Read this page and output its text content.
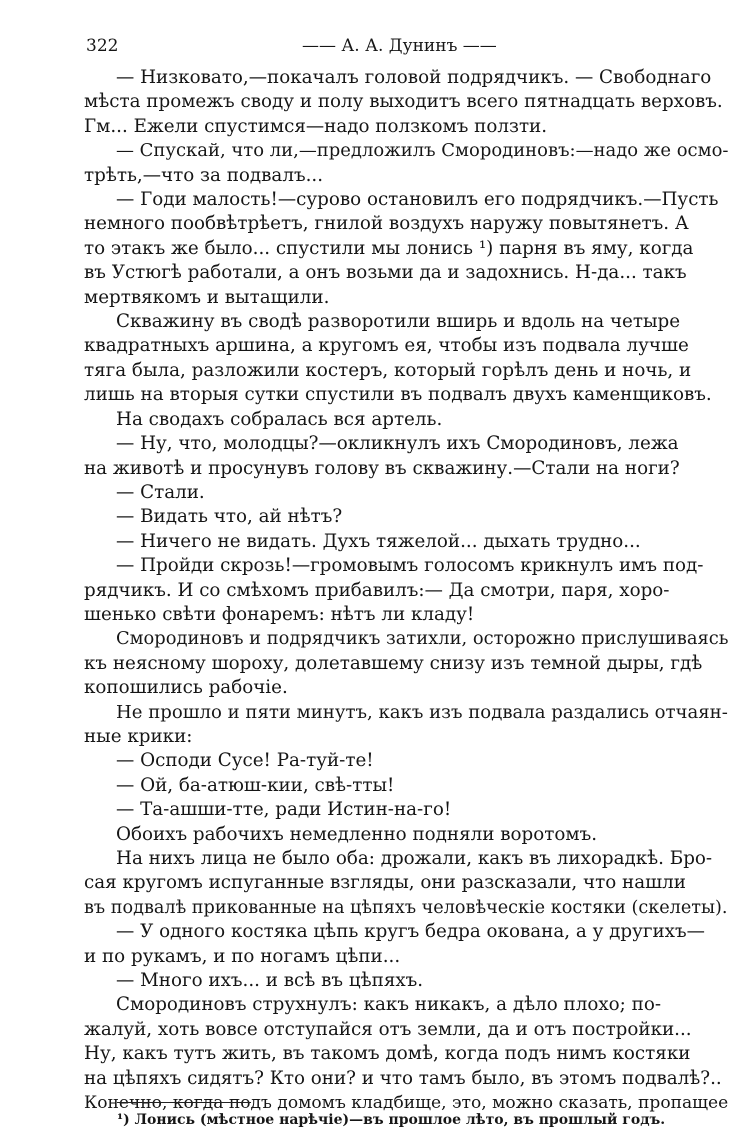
322	—— А. А. Дунинъ ——
— Низковато,—покачалъ головой подрядчикъ. — Свободнаго
мѣста промежъ своду и полу выходитъ всего пятнадцать верховъ.
Гм... Ежели спустимся—надо ползкомъ ползти.
— Спускай, что ли,—предложилъ Смородиновъ:—надо же осмо-
трѣть,—что за подвалъ...
— Годи малость!—сурово остановилъ его подрядчикъ.—Пусть
немного пообвѣтрѣетъ, гнилой воздухъ наружу повытянетъ. А
то этакъ же было... спустили мы лонись ¹) парня въ яму, когда
въ Устюгѣ работали, а онъ возьми да и задохнись. Н-да... такъ
мертвякомъ и вытащили.
Скважину въ сводѣ разворотили вширь и вдоль на четыре
квадратныхъ аршина, а кругомъ ея, чтобы изъ подвала лучше
тяга была, разложили костеръ, который горѣлъ день и ночь, и
лишь на вторыя сутки спустили въ подвалъ двухъ каменщиковъ.
На сводахъ собралась вся артель.
— Ну, что, молодцы?—окликнулъ ихъ Смородиновъ, лежа
на животѣ и просунувъ голову въ скважину.—Стали на ноги?
— Стали.
— Видать что, ай нѣтъ?
— Ничего не видать. Духъ тяжелой... дыхать трудно...
— Пройди скрозь!—громовымъ голосомъ крикнулъ имъ под-
рядчикъ. И со смѣхомъ прибавилъ:— Да смотри, паря, хоро-
шенько свѣти фонаремъ: нѣтъ ли кладу!
Смородиновъ и подрядчикъ затихли, осторожно прислушиваясь
къ неясному шороху, долетавшему снизу изъ темной дыры, гдѣ
копошились рабочіе.
Не прошло и пяти минутъ, какъ изъ подвала раздались отчаян-
ные крики:
— Осподи Сусе! Ра-туй-те!
— Ой, ба-атюш-кии, свѣ-тты!
— Та-ашши-тте, ради Истин-на-го!
Обоихъ рабочихъ немедленно подняли воротомъ.
На нихъ лица не было оба: дрожали, какъ въ лихорадкѣ. Бро-
сая кругомъ испуганные взгляды, они разсказали, что нашли
въ подвалѣ прикованные на цѣпяхъ человѣческіе костяки (скелеты).
— У одного костяка цѣпь кругъ бедра окована, а у другихъ—
и по рукамъ, и по ногамъ цѣпи...
— Много ихъ... и всѣ въ цѣпяхъ.
Смородиновъ струхнулъ: какъ никакъ, а дѣло плохо; по-
жалуй, хоть вовсе отступайся отъ земли, да и отъ постройки...
Ну, какъ тутъ жить, въ такомъ домѣ, когда подъ нимъ костяки
на цѣпяхъ сидятъ? Кто они? и что тамъ было, въ этомъ подвалѣ?..
Конечно, когда подъ домомъ кладбище, это, можно сказать, пропащее
¹) Лонись (мѣстное нарѣчіе)—въ прошлое лѣто, въ прошлый годъ.
